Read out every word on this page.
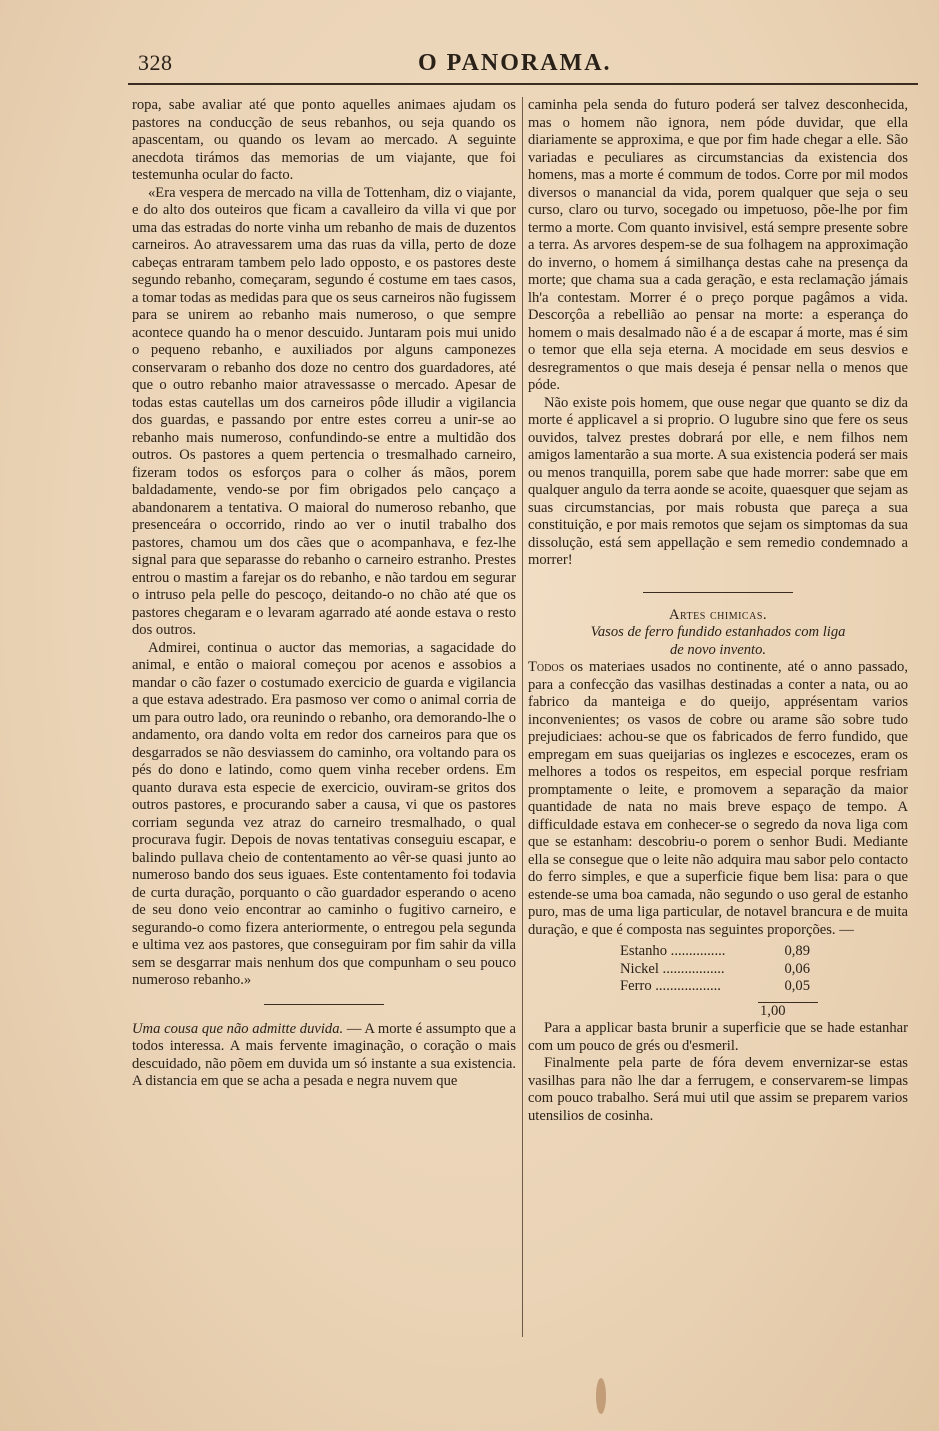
328	O PANORAMA.

ropa, sabe avaliar até que ponto aquelles animaes ajudam os pastores na conducção de seus rebanhos, ou seja quando os apascentam, ou quando os levam ao mercado. A seguinte anecdota tirámos das memorias de um viajante, que foi testemunha ocular do facto.

«Era vespera de mercado na villa de Tottenham, diz o viajante, e do alto dos outeiros que ficam a cavalleiro da villa vi que por uma das estradas do norte vinha um rebanho de mais de duzentos carneiros. Ao atravessarem uma das ruas da villa, perto de doze cabeças entraram tambem pelo lado opposto, e os pastores deste segundo rebanho, começaram, segundo é costume em taes casos, a tomar todas as medidas para que os seus carneiros não fugissem para se unirem ao rebanho mais numeroso, o que sempre acontece quando ha o menor descuido. Juntaram pois mui unido o pequeno rebanho, e auxiliados por alguns camponezes conservaram o rebanho dos doze no centro dos guardadores, até que o outro rebanho maior atravessasse o mercado. Apesar de todas estas cautellas um dos carneiros pôde illudir a vigilancia dos guardas, e passando por entre estes correu a unir-se ao rebanho mais numeroso, confundindo-se entre a multidão dos outros. Os pastores a quem pertencia o tresmalhado carneiro, fizeram todos os esforços para o colher ás mãos, porem baldadamente, vendo-se por fim obrigados pelo cançaço a abandonarem a tentativa. O maioral do numeroso rebanho, que presenceára o occorrido, rindo ao ver o inutil trabalho dos pastores, chamou um dos cães que o acompanhava, e fez-lhe signal para que separasse do rebanho o carneiro estranho. Prestes entrou o mastim a farejar os do rebanho, e não tardou em segurar o intruso pela pelle do pescoço, deitando-o no chão até que os pastores chegaram e o levaram agarrado até aonde estava o resto dos outros.

Admirei, continua o auctor das memorias, a sagacidade do animal, e então o maioral começou por acenos e assobios a mandar o cão fazer o costumado exercicio de guarda e vigilancia a que estava adestrado. Era pasmoso ver como o animal corria de um para outro lado, ora reunindo o rebanho, ora demorando-lhe o andamento, ora dando volta em redor dos carneiros para que os desgarrados se não desviassem do caminho, ora voltando para os pés do dono e latindo, como quem vinha receber ordens. Em quanto durava esta especie de exercicio, ouviram-se gritos dos outros pastores, e procurando saber a causa, vi que os pastores corriam segunda vez atraz do carneiro tresmalhado, o qual procurava fugir. Depois de novas tentativas conseguiu escapar, e balindo pullava cheio de contentamento ao vêr-se quasi junto ao numeroso bando dos seus iguaes. Este contentamento foi todavia de curta duração, porquanto o cão guardador esperando o aceno de seu dono veio encontrar ao caminho o fugitivo carneiro, e segurando-o como fizera anteriormente, o entregou pela segunda e ultima vez aos pastores, que conseguiram por fim sahir da villa sem se desgarrar mais nenhum dos que compunham o seu pouco numeroso rebanho.»

Uma cousa que não admitte duvida. — A morte é assumpto que a todos interessa. A mais fervente imaginação, o coração o mais descuidado, não põem em duvida um só instante a sua existencia. A distancia em que se acha a pesada e negra nuvem que

caminha pela senda do futuro poderá ser talvez desconhecida, mas o homem não ignora, nem póde duvidar, que ella diariamente se approxima, e que por fim hade chegar a elle. São variadas e peculiares as circumstancias da existencia dos homens, mas a morte é commum de todos. Corre por mil modos diversos o manancial da vida, porem qualquer que seja o seu curso, claro ou turvo, socegado ou impetuoso, põe-lhe por fim termo a morte. Com quanto invisivel, está sempre presente sobre a terra. As arvores despem-se de sua folhagem na approximação do inverno, o homem á similhança destas cahe na presença da morte; que chama sua a cada geração, e esta reclamação jámais lh'a contestam. Morrer é o preço porque pagâmos a vida. Descorçôa a rebellião ao pensar na morte: a esperança do homem o mais desalmado não é a de escapar á morte, mas é sim o temor que ella seja eterna. A mocidade em seus desvios e desregramentos o que mais deseja é pensar nella o menos que póde.

Não existe pois homem, que ouse negar que quanto se diz da morte é applicavel a si proprio. O lugubre sino que fere os seus ouvidos, talvez prestes dobrará por elle, e nem filhos nem amigos lamentarão a sua morte. A sua existencia poderá ser mais ou menos tranquilla, porem sabe que hade morrer: sabe que em qualquer angulo da terra aonde se acoite, quaesquer que sejam as suas circumstancias, por mais robusta que pareça a sua constituição, e por mais remotos que sejam os simptomas da sua dissolução, está sem appellação e sem remedio condemnado a morrer!

Artes chimicas.
Vasos de ferro fundido estanhados com liga
de novo invento.

Todos os materiaes usados no continente, até o anno passado, para a confecção das vasilhas destinadas a conter a nata, ou ao fabrico da manteiga e do queijo, apprésentam varios inconvenientes; os vasos de cobre ou arame são sobre tudo prejudiciaes: achou-se que os fabricados de ferro fundido, que empregam em suas queijarias os inglezes e escocezes, eram os melhores a todos os respeitos, em especial porque resfriam promptamente o leite, e promovem a separação da maior quantidade de nata no mais breve espaço de tempo. A difficuldade estava em conhecer-se o segredo da nova liga com que se estanham: descobriu-o porem o senhor Budi. Mediante ella se consegue que o leite não adquira mau sabor pelo contacto do ferro simples, e que a superficie fique bem lisa: para o que estende-se uma boa camada, não segundo o uso geral de estanho puro, mas de uma liga particular, de notavel brancura e de muita duração, e que é composta nas seguintes proporções. —

Estanho ...............	0,89
Nickel .................	0,06
Ferro ..................	0,05
1,00

Para a applicar basta brunir a superficie que se hade estanhar com um pouco de grés ou d'esmeril.

Finalmente pela parte de fóra devem envernizar-se estas vasilhas para não lhe dar a ferrugem, e conservarem-se limpas com pouco trabalho. Será mui util que assim se preparem varios utensilios de cosinha.
